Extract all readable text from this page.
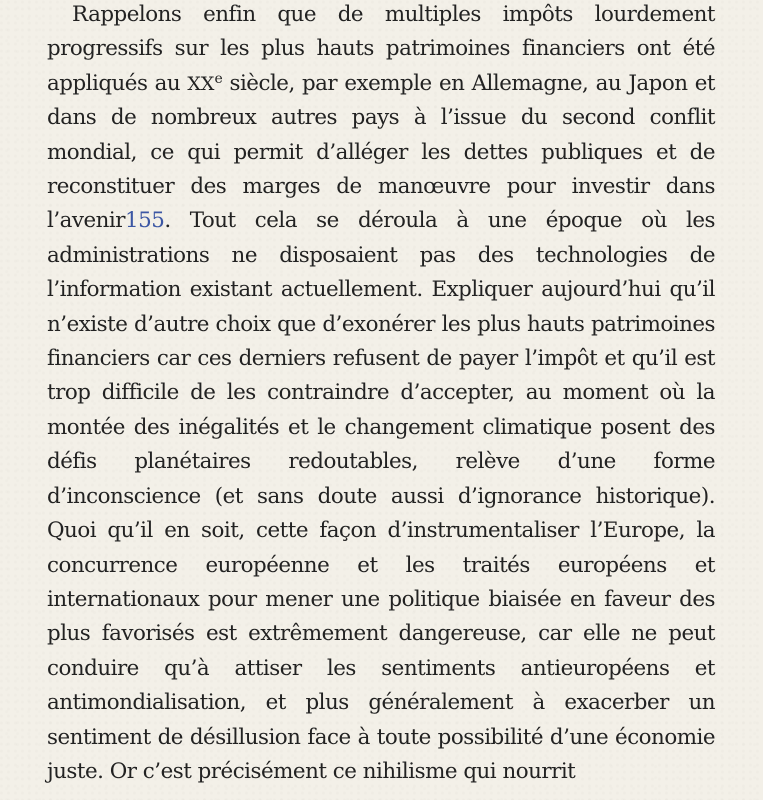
Rappelons enfin que de multiples impôts lourdement progressifs sur les plus hauts patrimoines financiers ont été appliqués au XXe siècle, par exemple en Allemagne, au Japon et dans de nombreux autres pays à l’issue du second conflit mondial, ce qui permit d’alléger les dettes publiques et de reconstituer des marges de manœuvre pour investir dans l’avenir155. Tout cela se déroula à une époque où les administrations ne disposaient pas des technologies de l’information existant actuellement. Expliquer aujourd’hui qu’il n’existe d’autre choix que d’exonérer les plus hauts patrimoines financiers car ces derniers refusent de payer l’impôt et qu’il est trop difficile de les contraindre d’accepter, au moment où la montée des inégalités et le changement climatique posent des défis planétaires redoutables, relève d’une forme d’inconscience (et sans doute aussi d’ignorance historique). Quoi qu’il en soit, cette façon d’instrumentaliser l’Europe, la concurrence européenne et les traités européens et internationaux pour mener une politique biaisée en faveur des plus favorisés est extrêmement dangereuse, car elle ne peut conduire qu’à attiser les sentiments antieuropéens et antimondialisation, et plus généralement à exacerber un sentiment de désillusion face à toute possibilité d’une économie juste. Or c’est précisément ce nihilisme qui nourrit
